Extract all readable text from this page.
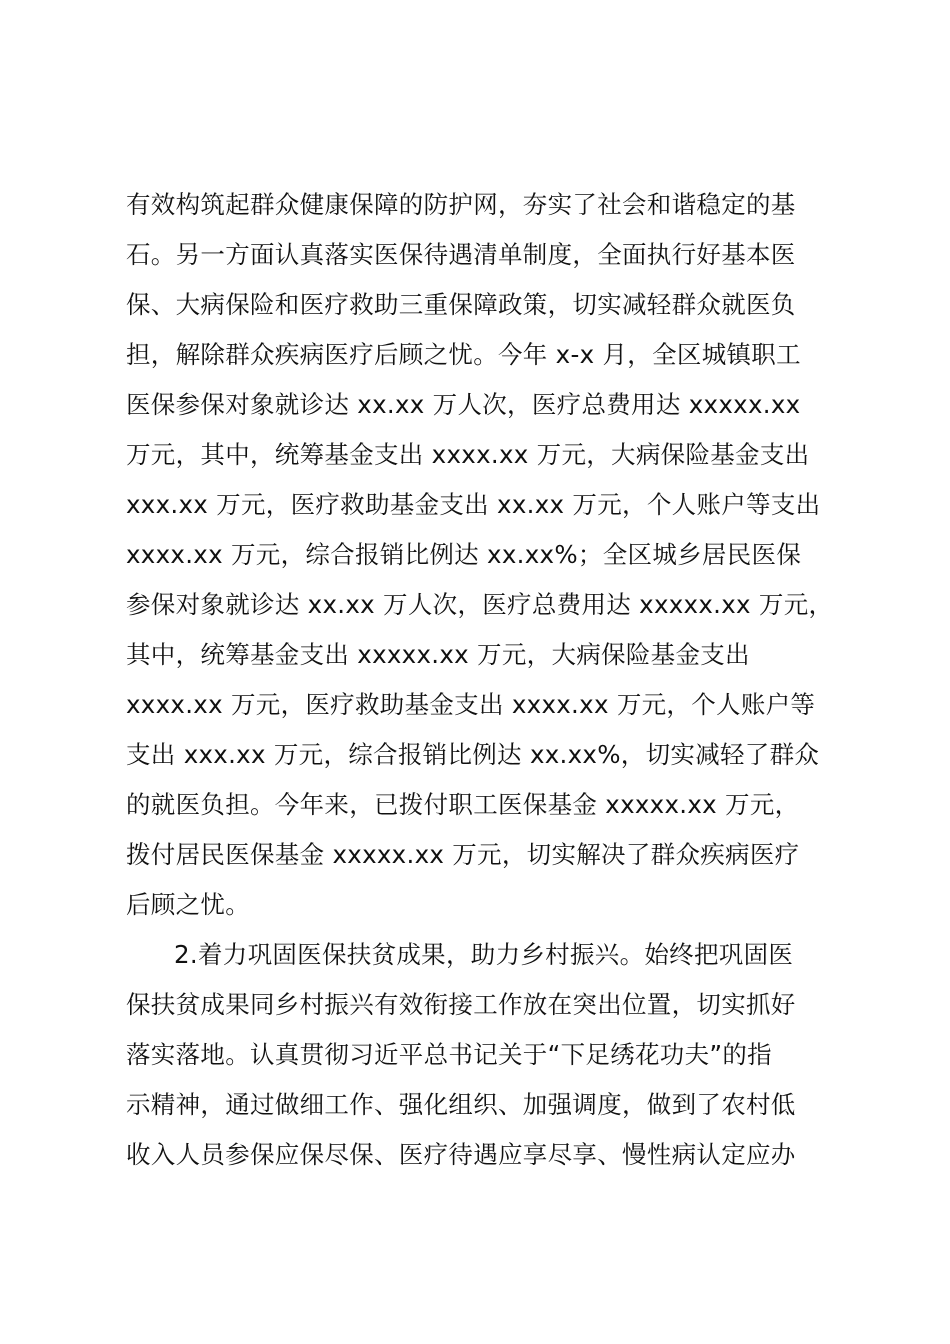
有效构筑起群众健康保障的防护网，夯实了社会和谐稳定的基
石。另一方面认真落实医保待遇清单制度，全面执行好基本医
保、大病保险和医疗救助三重保障政策，切实减轻群众就医负
担，解除群众疾病医疗后顾之忧。今年 x-x 月，全区城镇职工
医保参保对象就诊达 xx.xx 万人次，医疗总费用达 xxxxx.xx
万元，其中，统筹基金支出 xxxx.xx 万元，大病保险基金支出
xxx.xx 万元，医疗救助基金支出 xx.xx 万元，个人账户等支出
xxxx.xx 万元，综合报销比例达 xx.xx%；全区城乡居民医保
参保对象就诊达 xx.xx 万人次，医疗总费用达 xxxxx.xx 万元，
其中，统筹基金支出 xxxxx.xx 万元，大病保险基金支出
xxxx.xx 万元，医疗救助基金支出 xxxx.xx 万元，个人账户等
支出 xxx.xx 万元，综合报销比例达 xx.xx%，切实减轻了群众
的就医负担。今年来，已拨付职工医保基金 xxxxx.xx 万元，
拨付居民医保基金 xxxxx.xx 万元，切实解决了群众疾病医疗
后顾之忧。
2.着力巩固医保扶贫成果，助力乡村振兴。始终把巩固医
保扶贫成果同乡村振兴有效衔接工作放在突出位置，切实抓好
落实落地。认真贯彻习近平总书记关于“下足绣花功夫”的指
示精神，通过做细工作、强化组织、加强调度，做到了农村低
收入人员参保应保尽保、医疗待遇应享尽享、慢性病认定应办
